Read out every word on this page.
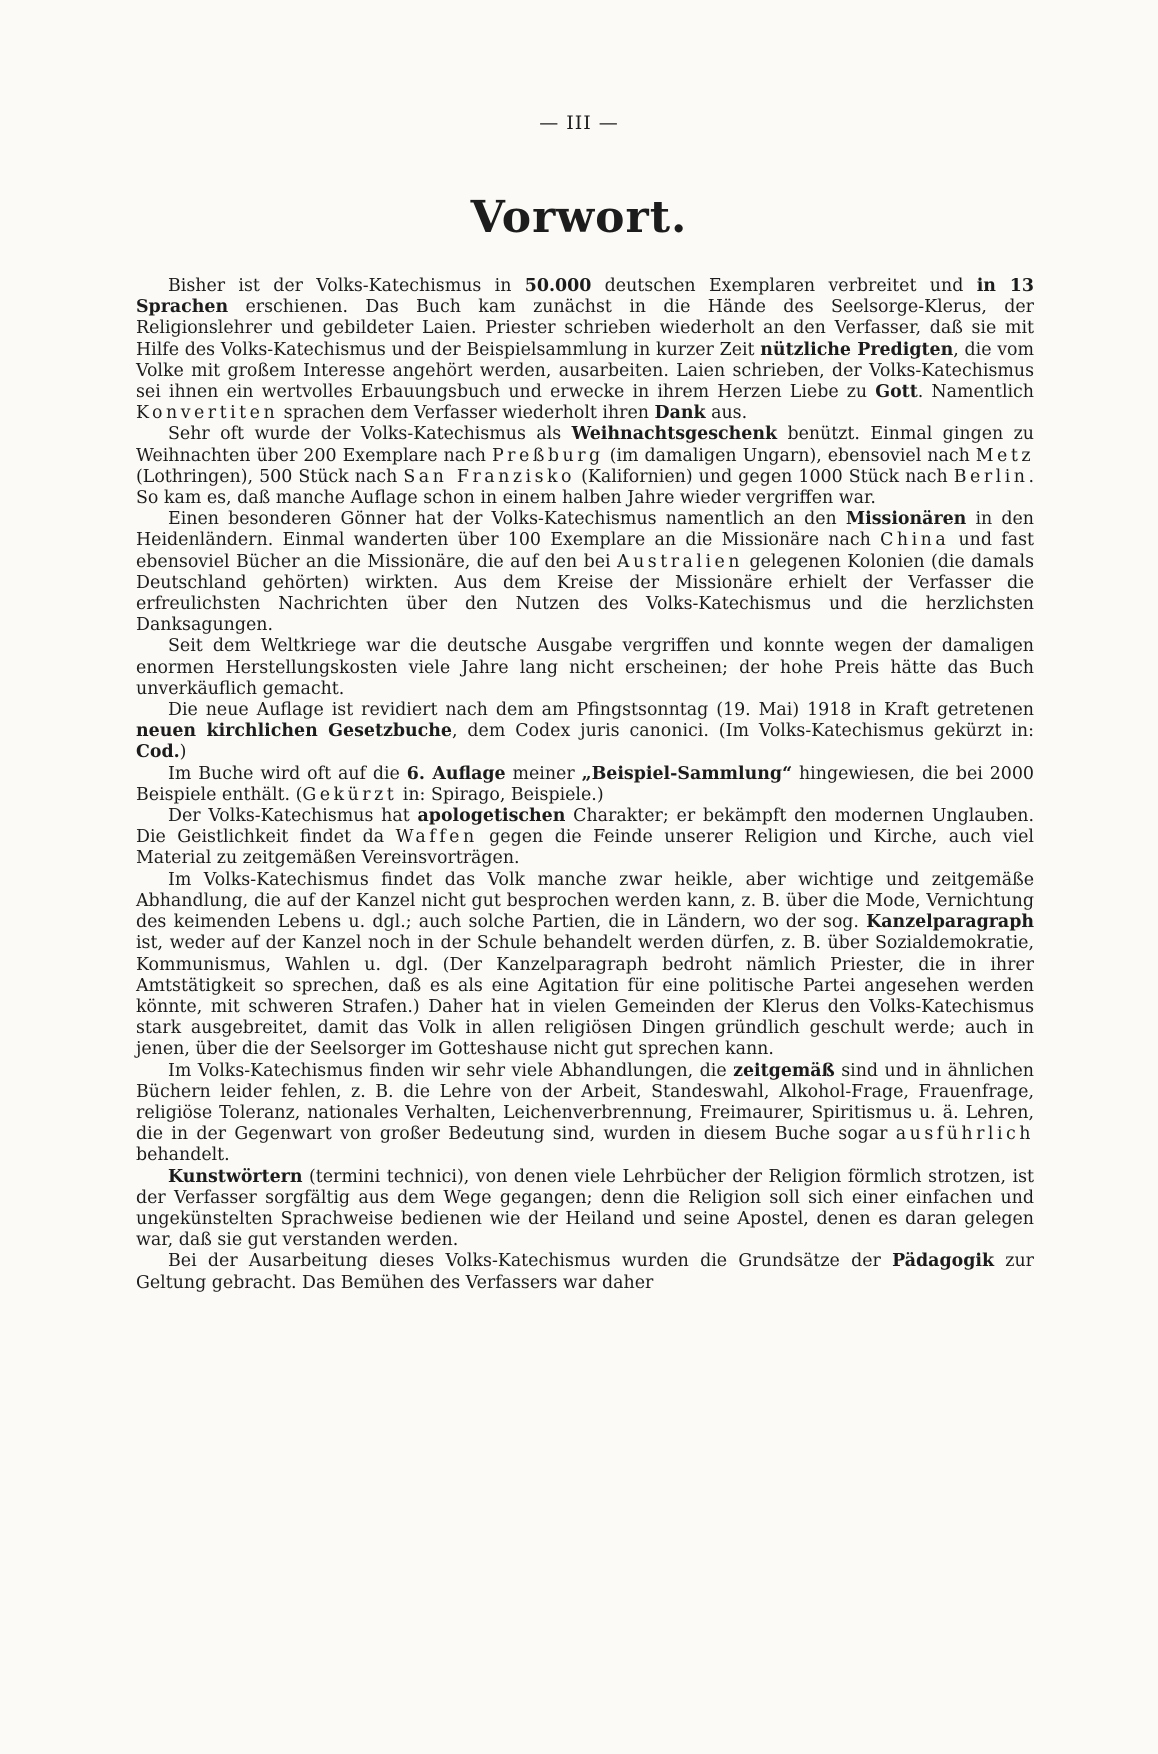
— III —
Vorwort.

Bisher ist der Volks-Katechismus in 50.000 deutschen Exemplaren verbreitet und in 13 Sprachen erschienen. Das Buch kam zunächst in die Hände des Seelsorge-Klerus, der Religionslehrer und gebildeter Laien. Priester schrieben wiederholt an den Verfasser, daß sie mit Hilfe des Volks-Katechismus und der Beispielsammlung in kurzer Zeit nützliche Predigten, die vom Volke mit großem Interesse angehört werden, ausarbeiten. Laien schrieben, der Volks-Katechismus sei ihnen ein wertvolles Erbauungsbuch und erwecke in ihrem Herzen Liebe zu Gott. Namentlich Konvertiten sprachen dem Verfasser wiederholt ihren Dank aus.

Sehr oft wurde der Volks-Katechismus als Weihnachtsgeschenk benützt. Einmal gingen zu Weihnachten über 200 Exemplare nach Preßburg (im damaligen Ungarn), ebensoviel nach Metz (Lothringen), 500 Stück nach San Franzisko (Kalifornien) und gegen 1000 Stück nach Berlin. So kam es, daß manche Auflage schon in einem halben Jahre wieder vergriffen war.

Einen besonderen Gönner hat der Volks-Katechismus namentlich an den Missionären in den Heidenländern. Einmal wanderten über 100 Exemplare an die Missionäre nach China und fast ebensoviel Bücher an die Missionäre, die auf den bei Australien gelegenen Kolonien (die damals Deutschland gehörten) wirkten. Aus dem Kreise der Missionäre erhielt der Verfasser die erfreulichsten Nachrichten über den Nutzen des Volks-Katechismus und die herzlichsten Danksagungen.

Seit dem Weltkriege war die deutsche Ausgabe vergriffen und konnte wegen der damaligen enormen Herstellungskosten viele Jahre lang nicht erscheinen; der hohe Preis hätte das Buch unverkäuflich gemacht.

Die neue Auflage ist revidiert nach dem am Pfingstsonntag (19. Mai) 1918 in Kraft getretenen neuen kirchlichen Gesetzbuche, dem Codex juris canonici. (Im Volks-Katechismus gekürzt in: Cod.)

Im Buche wird oft auf die 6. Auflage meiner „Beispiel-Sammlung“ hingewiesen, die bei 2000 Beispiele enthält. (Gekürzt in: Spirago, Beispiele.)

Der Volks-Katechismus hat apologetischen Charakter; er bekämpft den modernen Unglauben. Die Geistlichkeit findet da Waffen gegen die Feinde unserer Religion und Kirche, auch viel Material zu zeitgemäßen Vereinsvorträgen.

Im Volks-Katechismus findet das Volk manche zwar heikle, aber wichtige und zeitgemäße Abhandlung, die auf der Kanzel nicht gut besprochen werden kann, z. B. über die Mode, Vernichtung des keimenden Lebens u. dgl.; auch solche Partien, die in Ländern, wo der sog. Kanzelparagraph ist, weder auf der Kanzel noch in der Schule behandelt werden dürfen, z. B. über Sozialdemokratie, Kommunismus, Wahlen u. dgl. (Der Kanzelparagraph bedroht nämlich Priester, die in ihrer Amtstätigkeit so sprechen, daß es als eine Agitation für eine politische Partei angesehen werden könnte, mit schweren Strafen.) Daher hat in vielen Gemeinden der Klerus den Volks-Katechismus stark ausgebreitet, damit das Volk in allen religiösen Dingen gründlich geschult werde; auch in jenen, über die der Seelsorger im Gotteshause nicht gut sprechen kann.

Im Volks-Katechismus finden wir sehr viele Abhandlungen, die zeitgemäß sind und in ähnlichen Büchern leider fehlen, z. B. die Lehre von der Arbeit, Standeswahl, Alkohol-Frage, Frauenfrage, religiöse Toleranz, nationales Verhalten, Leichenverbrennung, Freimaurer, Spiritismus u. ä. Lehren, die in der Gegenwart von großer Bedeutung sind, wurden in diesem Buche sogar ausführlich behandelt.

Kunstwörtern (termini technici), von denen viele Lehrbücher der Religion förmlich strotzen, ist der Verfasser sorgfältig aus dem Wege gegangen; denn die Religion soll sich einer einfachen und ungekünstelten Sprachweise bedienen wie der Heiland und seine Apostel, denen es daran gelegen war, daß sie gut verstanden werden.

Bei der Ausarbeitung dieses Volks-Katechismus wurden die Grundsätze der Pädagogik zur Geltung gebracht. Das Bemühen des Verfassers war daher
